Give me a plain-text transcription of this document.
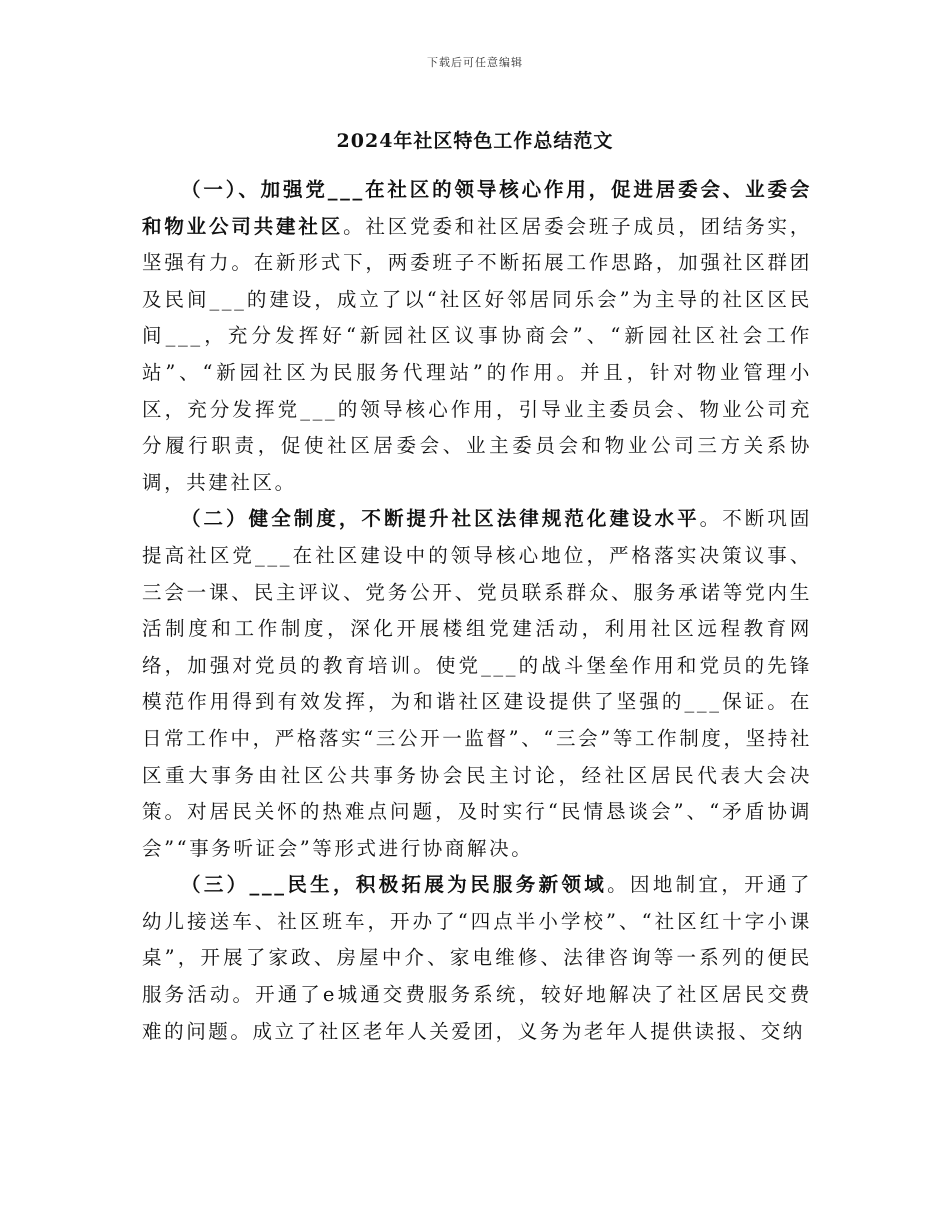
下载后可任意编辑
2024年社区特色工作总结范文

（一）、加强党___在社区的领导核心作用，促进居委会、业委会和物业公司共建社区。社区党委和社区居委会班子成员，团结务实，坚强有力。在新形式下，两委班子不断拓展工作思路，加强社区群团及民间___的建设，成立了以“社区好邻居同乐会”为主导的社区区民间___，充分发挥好“新园社区议事协商会”、“新园社区社会工作站”、“新园社区为民服务代理站”的作用。并且，针对物业管理小区，充分发挥党___的领导核心作用，引导业主委员会、物业公司充分履行职责，促使社区居委会、业主委员会和物业公司三方关系协调，共建社区。

（二）健全制度，不断提升社区法律规范化建设水平。不断巩固提高社区党___在社区建设中的领导核心地位，严格落实决策议事、三会一课、民主评议、党务公开、党员联系群众、服务承诺等党内生活制度和工作制度，深化开展楼组党建活动，利用社区远程教育网络，加强对党员的教育培训。使党___的战斗堡垒作用和党员的先锋模范作用得到有效发挥，为和谐社区建设提供了坚强的___保证。在日常工作中，严格落实“三公开一监督”、“三会”等工作制度，坚持社区重大事务由社区公共事务协会民主讨论，经社区居民代表大会决策。对居民关怀的热难点问题，及时实行“民情恳谈会”、“矛盾协调会”“事务听证会”等形式进行协商解决。

（三）___民生，积极拓展为民服务新领域。因地制宜，开通了幼儿接送车、社区班车，开办了“四点半小学校”、“社区红十字小课桌”，开展了家政、房屋中介、家电维修、法律咨询等一系列的便民服务活动。开通了e城通交费服务系统，较好地解决了社区居民交费难的问题。成立了社区老年人关爱团，义务为老年人提供读报、交纳
